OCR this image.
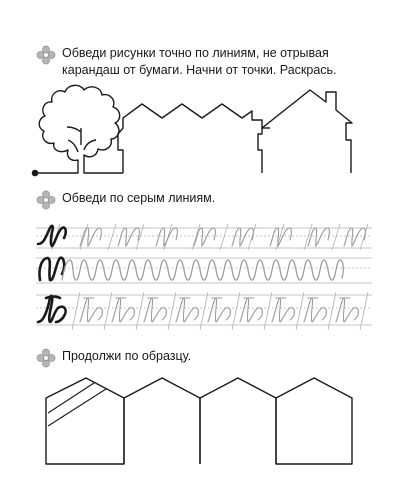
Обведи рисунки точно по линиям, не отрывая карандаш от бумаги. Начни от точки. Раскрась.
Обведи по серым линиям.
Продолжи по образцу.
